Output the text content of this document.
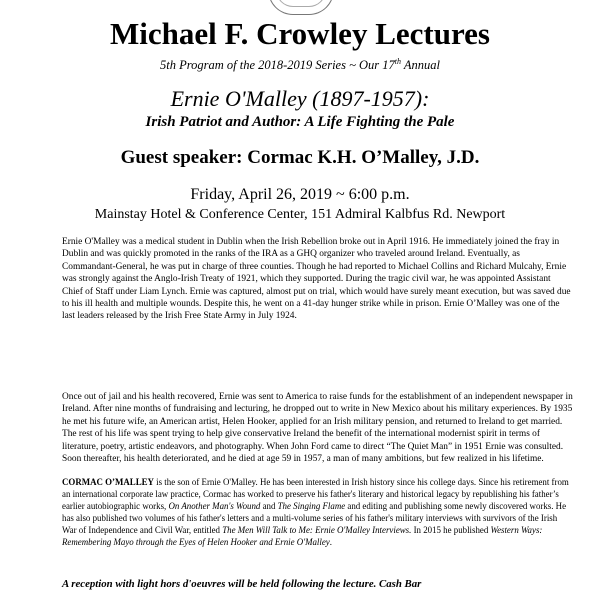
Michael F. Crowley Lectures
5th Program of the 2018-2019 Series ~ Our 17th Annual
Ernie O'Malley (1897-1957):
Irish Patriot and Author: A Life Fighting the Pale
Guest speaker: Cormac K.H. O’Malley, J.D.
Friday, April 26, 2019 ~ 6:00 p.m.
Mainstay Hotel & Conference Center, 151 Admiral Kalbfus Rd. Newport

Ernie O'Malley was a medical student in Dublin when the Irish Rebellion broke out in April 1916. He immediately joined the fray in Dublin and was quickly promoted in the ranks of the IRA as a GHQ organizer who traveled around Ireland. Eventually, as Commandant-General, he was put in charge of three counties. Though he had reported to Michael Collins and Richard Mulcahy, Ernie was strongly against the Anglo-Irish Treaty of 1921, which they supported. During the tragic civil war, he was appointed Assistant Chief of Staff under Liam Lynch. Ernie was captured, almost put on trial, which would have surely meant execution, but was saved due to his ill health and multiple wounds. Despite this, he went on a 41-day hunger strike while in prison. Ernie O’Malley was one of the last leaders released by the Irish Free State Army in July 1924.

Once out of jail and his health recovered, Ernie was sent to America to raise funds for the establishment of an independent newspaper in Ireland. After nine months of fundraising and lecturing, he dropped out to write in New Mexico about his military experiences. By 1935 he met his future wife, an American artist, Helen Hooker, applied for an Irish military pension, and returned to Ireland to get married. The rest of his life was spent trying to help give conservative Ireland the benefit of the international modernist spirit in terms of literature, poetry, artistic endeavors, and photography. When John Ford came to direct “The Quiet Man” in 1951 Ernie was consulted. Soon thereafter, his health deteriorated, and he died at age 59 in 1957, a man of many ambitions, but few realized in his lifetime.

CORMAC O’MALLEY is the son of Ernie O'Malley. He has been interested in Irish history since his college days. Since his retirement from an international corporate law practice, Cormac has worked to preserve his father's literary and historical legacy by republishing his father’s earlier autobiographic works, On Another Man's Wound and The Singing Flame and editing and publishing some newly discovered works. He has also published two volumes of his father's letters and a multi-volume series of his father's military interviews with survivors of the Irish War of Independence and Civil War, entitled The Men Will Talk to Me: Ernie O'Malley Interviews. In 2015 he published Western Ways: Remembering Mayo through the Eyes of Helen Hooker and Ernie O'Malley.

A reception with light hors d'oeuvres will be held following the lecture. Cash Bar
